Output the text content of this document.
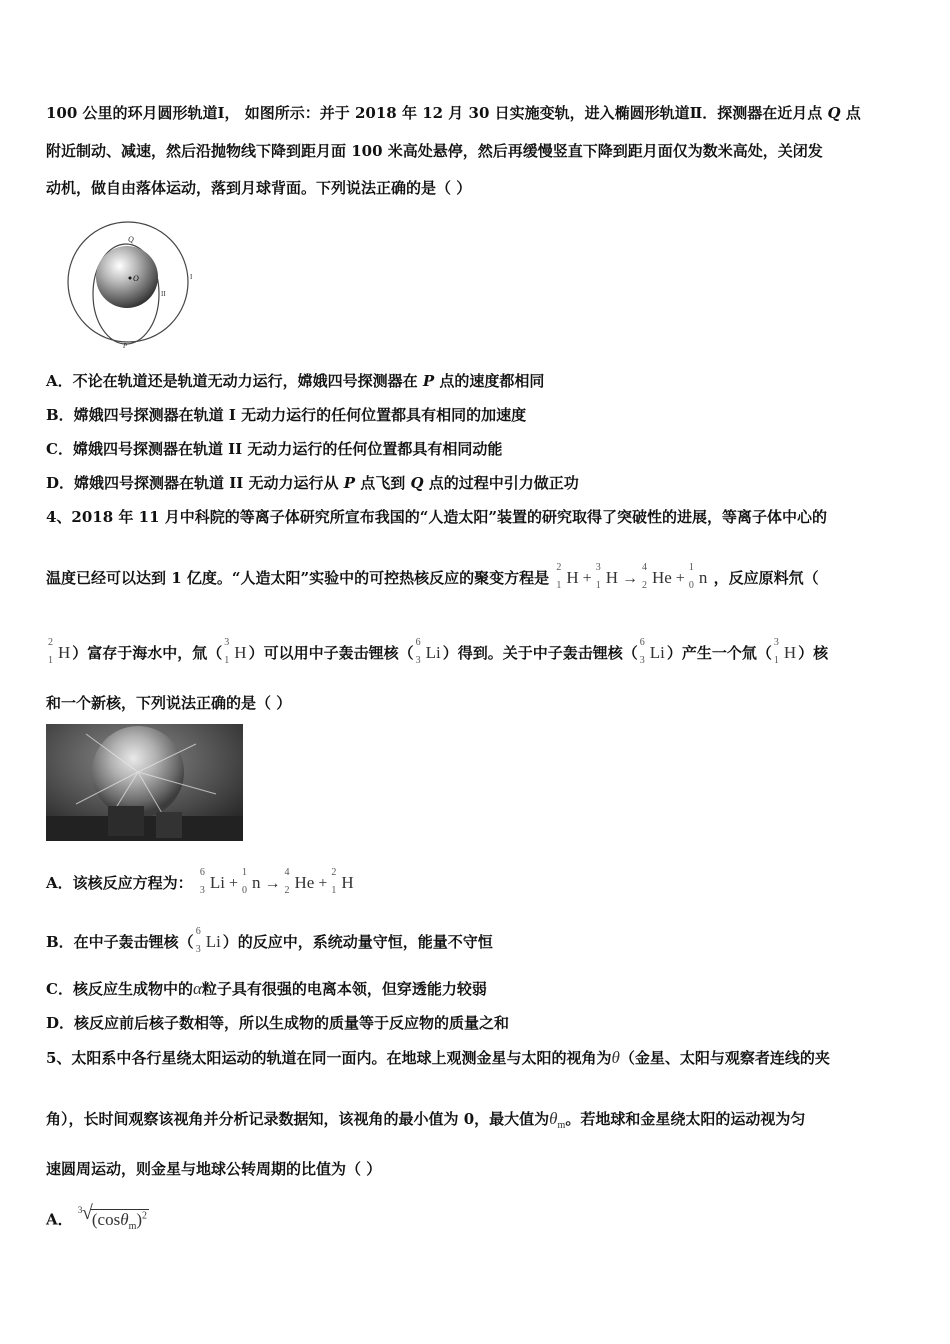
100 公里的环月圆形轨道Ⅰ， 如图所示：并于 2018 年 12 月 30 日实施变轨，进入椭圆形轨道Ⅱ．探测器在近月点 Q 点
附近制动、减速，然后沿抛物线下降到距月面 100 米高处悬停，然后再缓慢竖直下降到距月面仅为数米高处，关闭发
动机，做自由落体运动，落到月球背面。下列说法正确的是（ ）
Q
O	I
II
P
A．不论在轨道还是轨道无动力运行，嫦娥四号探测器在 P 点的速度都相同
B．嫦娥四号探测器在轨道 I 无动力运行的任何位置都具有相同的加速度
C．嫦娥四号探测器在轨道 II 无动力运行的任何位置都具有相同动能
D．嫦娥四号探测器在轨道 II 无动力运行从 P 点飞到 Q 点的过程中引力做正功
4、2018 年 11 月中科院的等离子体研究所宣布我国的“人造太阳”装置的研究取得了突破性的进展，等离子体中心的
温度已经可以达到 1 亿度。“人造太阳”实验中的可控热核反应的聚变方程是
2
1 H +
3
1 H →
4
2 He +
1
0 n ，反应原料氘（
2
1 H ）富存于海水中，氚（
3
1 H ）可以用中子轰击锂核（
6
3 Li ）得到。关于中子轰击锂核（
6
3 Li ）产生一个氚（
3
1 H ）核
和一个新核，下列说法正确的是（ ）
A．该核反应方程为：
6
3 Li +
1
0 n →
4
2 He +
2
1 H
B．在中子轰击锂核（
6
3 Li ）的反应中，系统动量守恒，能量不守恒
C．核反应生成物中的α粒子具有很强的电离本领，但穿透能力较弱
D．核反应前后核子数相等，所以生成物的质量等于反应物的质量之和
5、太阳系中各行星绕太阳运动的轨道在同一面内。在地球上观测金星与太阳的视角为θ（金星、太阳与观察者连线的夹
角），长时间观察该视角并分析记录数据知，该视角的最小值为 0，最大值为$\theta_m$。若地球和金星绕太阳的运动视为匀
速圆周运动，则金星与地球公转周期的比值为（ ）
A．
3 √ $(\cos\theta_m)^2$
